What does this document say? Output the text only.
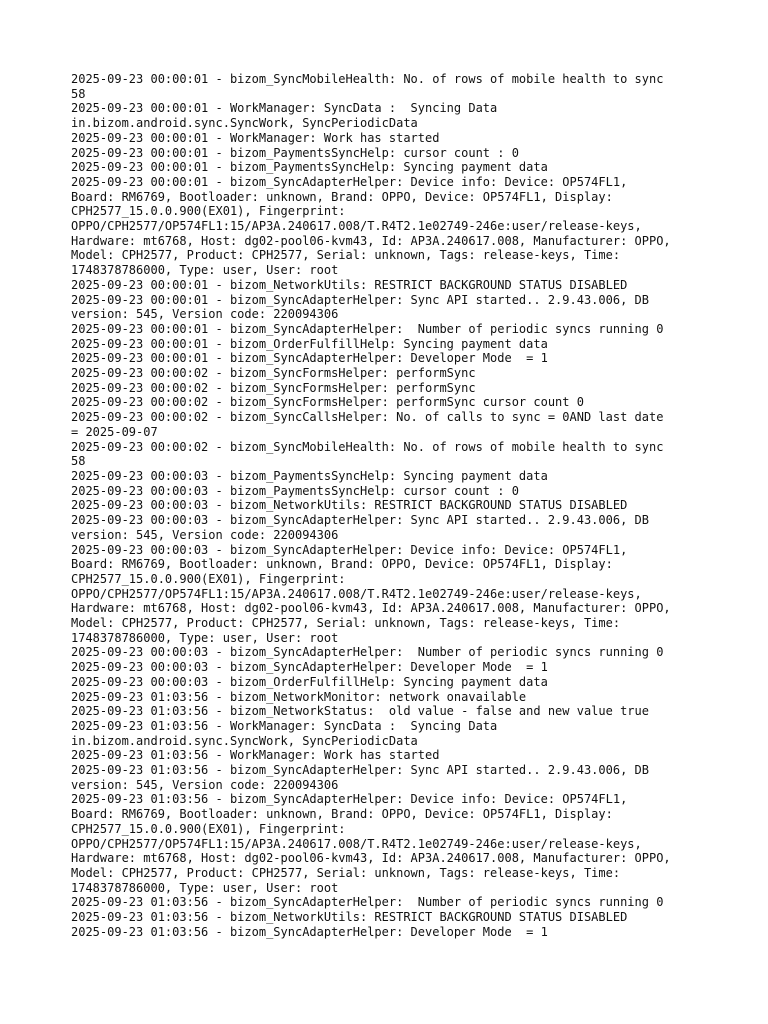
2025-09-23 00:00:01 - bizom_SyncMobileHealth: No. of rows of mobile health to sync
58
2025-09-23 00:00:01 - WorkManager: SyncData :  Syncing Data
in.bizom.android.sync.SyncWork, SyncPeriodicData
2025-09-23 00:00:01 - WorkManager: Work has started
2025-09-23 00:00:01 - bizom_PaymentsSyncHelp: cursor count : 0
2025-09-23 00:00:01 - bizom_PaymentsSyncHelp: Syncing payment data
2025-09-23 00:00:01 - bizom_SyncAdapterHelper: Device info: Device: OP574FL1,
Board: RM6769, Bootloader: unknown, Brand: OPPO, Device: OP574FL1, Display:
CPH2577_15.0.0.900(EX01), Fingerprint:
OPPO/CPH2577/OP574FL1:15/AP3A.240617.008/T.R4T2.1e02749-246e:user/release-keys,
Hardware: mt6768, Host: dg02-pool06-kvm43, Id: AP3A.240617.008, Manufacturer: OPPO,
Model: CPH2577, Product: CPH2577, Serial: unknown, Tags: release-keys, Time:
1748378786000, Type: user, User: root
2025-09-23 00:00:01 - bizom_NetworkUtils: RESTRICT BACKGROUND STATUS DISABLED
2025-09-23 00:00:01 - bizom_SyncAdapterHelper: Sync API started.. 2.9.43.006, DB
version: 545, Version code: 220094306
2025-09-23 00:00:01 - bizom_SyncAdapterHelper:  Number of periodic syncs running 0
2025-09-23 00:00:01 - bizom_OrderFulfillHelp: Syncing payment data
2025-09-23 00:00:01 - bizom_SyncAdapterHelper: Developer Mode  = 1
2025-09-23 00:00:02 - bizom_SyncFormsHelper: performSync
2025-09-23 00:00:02 - bizom_SyncFormsHelper: performSync
2025-09-23 00:00:02 - bizom_SyncFormsHelper: performSync cursor count 0
2025-09-23 00:00:02 - bizom_SyncCallsHelper: No. of calls to sync = 0AND last date
= 2025-09-07
2025-09-23 00:00:02 - bizom_SyncMobileHealth: No. of rows of mobile health to sync
58
2025-09-23 00:00:03 - bizom_PaymentsSyncHelp: Syncing payment data
2025-09-23 00:00:03 - bizom_PaymentsSyncHelp: cursor count : 0
2025-09-23 00:00:03 - bizom_NetworkUtils: RESTRICT BACKGROUND STATUS DISABLED
2025-09-23 00:00:03 - bizom_SyncAdapterHelper: Sync API started.. 2.9.43.006, DB
version: 545, Version code: 220094306
2025-09-23 00:00:03 - bizom_SyncAdapterHelper: Device info: Device: OP574FL1,
Board: RM6769, Bootloader: unknown, Brand: OPPO, Device: OP574FL1, Display:
CPH2577_15.0.0.900(EX01), Fingerprint:
OPPO/CPH2577/OP574FL1:15/AP3A.240617.008/T.R4T2.1e02749-246e:user/release-keys,
Hardware: mt6768, Host: dg02-pool06-kvm43, Id: AP3A.240617.008, Manufacturer: OPPO,
Model: CPH2577, Product: CPH2577, Serial: unknown, Tags: release-keys, Time:
1748378786000, Type: user, User: root
2025-09-23 00:00:03 - bizom_SyncAdapterHelper:  Number of periodic syncs running 0
2025-09-23 00:00:03 - bizom_SyncAdapterHelper: Developer Mode  = 1
2025-09-23 00:00:03 - bizom_OrderFulfillHelp: Syncing payment data
2025-09-23 01:03:56 - bizom_NetworkMonitor: network onavailable
2025-09-23 01:03:56 - bizom_NetworkStatus:  old value - false and new value true
2025-09-23 01:03:56 - WorkManager: SyncData :  Syncing Data
in.bizom.android.sync.SyncWork, SyncPeriodicData
2025-09-23 01:03:56 - WorkManager: Work has started
2025-09-23 01:03:56 - bizom_SyncAdapterHelper: Sync API started.. 2.9.43.006, DB
version: 545, Version code: 220094306
2025-09-23 01:03:56 - bizom_SyncAdapterHelper: Device info: Device: OP574FL1,
Board: RM6769, Bootloader: unknown, Brand: OPPO, Device: OP574FL1, Display:
CPH2577_15.0.0.900(EX01), Fingerprint:
OPPO/CPH2577/OP574FL1:15/AP3A.240617.008/T.R4T2.1e02749-246e:user/release-keys,
Hardware: mt6768, Host: dg02-pool06-kvm43, Id: AP3A.240617.008, Manufacturer: OPPO,
Model: CPH2577, Product: CPH2577, Serial: unknown, Tags: release-keys, Time:
1748378786000, Type: user, User: root
2025-09-23 01:03:56 - bizom_SyncAdapterHelper:  Number of periodic syncs running 0
2025-09-23 01:03:56 - bizom_NetworkUtils: RESTRICT BACKGROUND STATUS DISABLED
2025-09-23 01:03:56 - bizom_SyncAdapterHelper: Developer Mode  = 1
